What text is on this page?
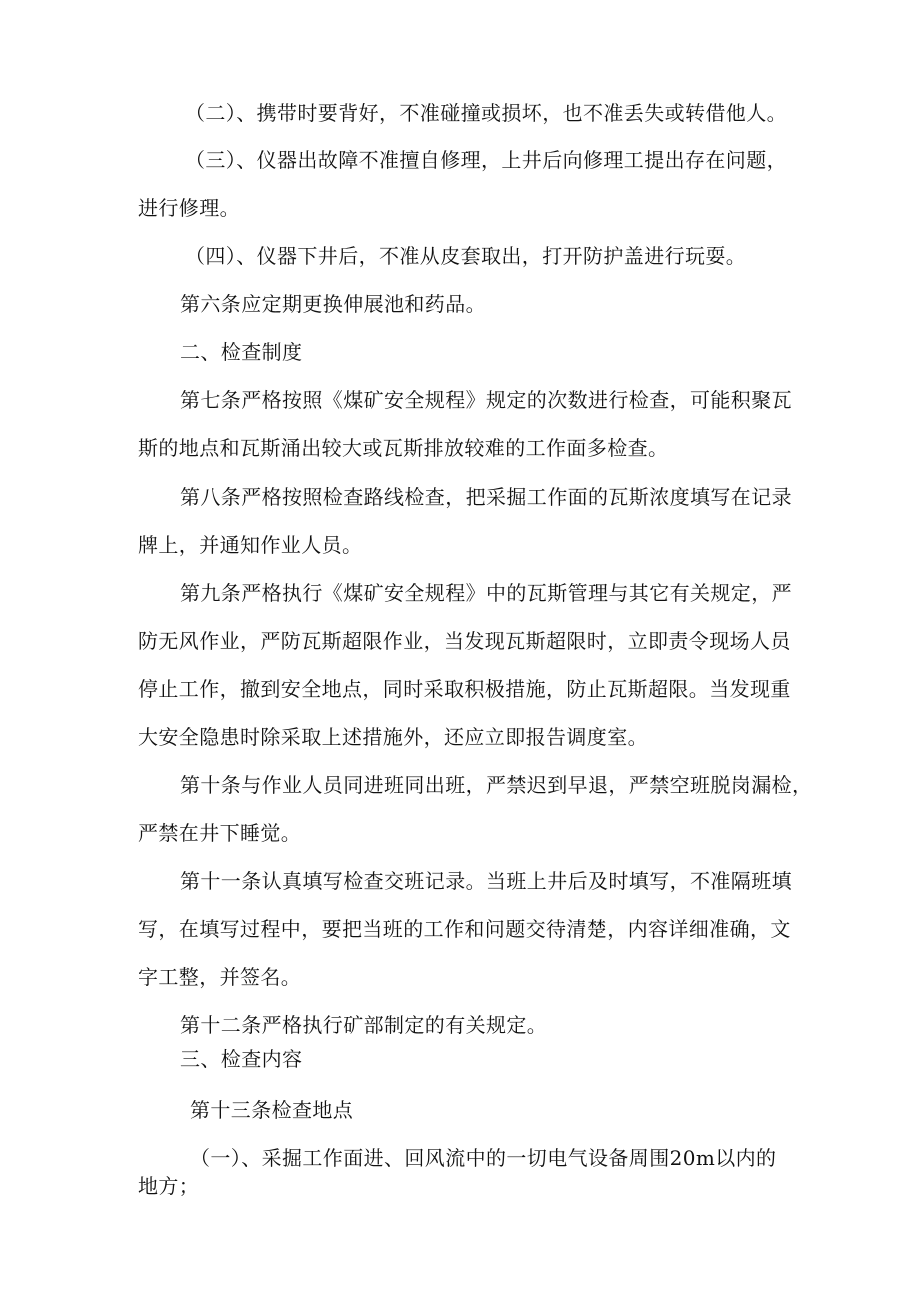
（二）、携带时要背好，不准碰撞或损坏，也不准丢失或转借他人。
（三）、仪器出故障不准擅自修理，上井后向修理工提出存在问题，
进行修理。
（四）、仪器下井后，不准从皮套取出，打开防护盖进行玩耍。
第六条应定期更换伸展池和药品。
二、检查制度
第七条严格按照《煤矿安全规程》规定的次数进行检查，可能积聚瓦
斯的地点和瓦斯涌出较大或瓦斯排放较难的工作面多检查。
第八条严格按照检查路线检查，把采掘工作面的瓦斯浓度填写在记录
牌上，并通知作业人员。
第九条严格执行《煤矿安全规程》中的瓦斯管理与其它有关规定，严
防无风作业，严防瓦斯超限作业，当发现瓦斯超限时，立即责令现场人员
停止工作，撤到安全地点，同时采取积极措施，防止瓦斯超限。当发现重
大安全隐患时除采取上述措施外，还应立即报告调度室。
第十条与作业人员同进班同出班，严禁迟到早退，严禁空班脱岗漏检，
严禁在井下睡觉。
第十一条认真填写检查交班记录。当班上井后及时填写，不准隔班填
写，在填写过程中，要把当班的工作和问题交待清楚，内容详细准确，文
字工整，并签名。
第十二条严格执行矿部制定的有关规定。
三、检查内容
第十三条检查地点
（一）、采掘工作面进、回风流中的一切电气设备周围20m以内的
地方；
